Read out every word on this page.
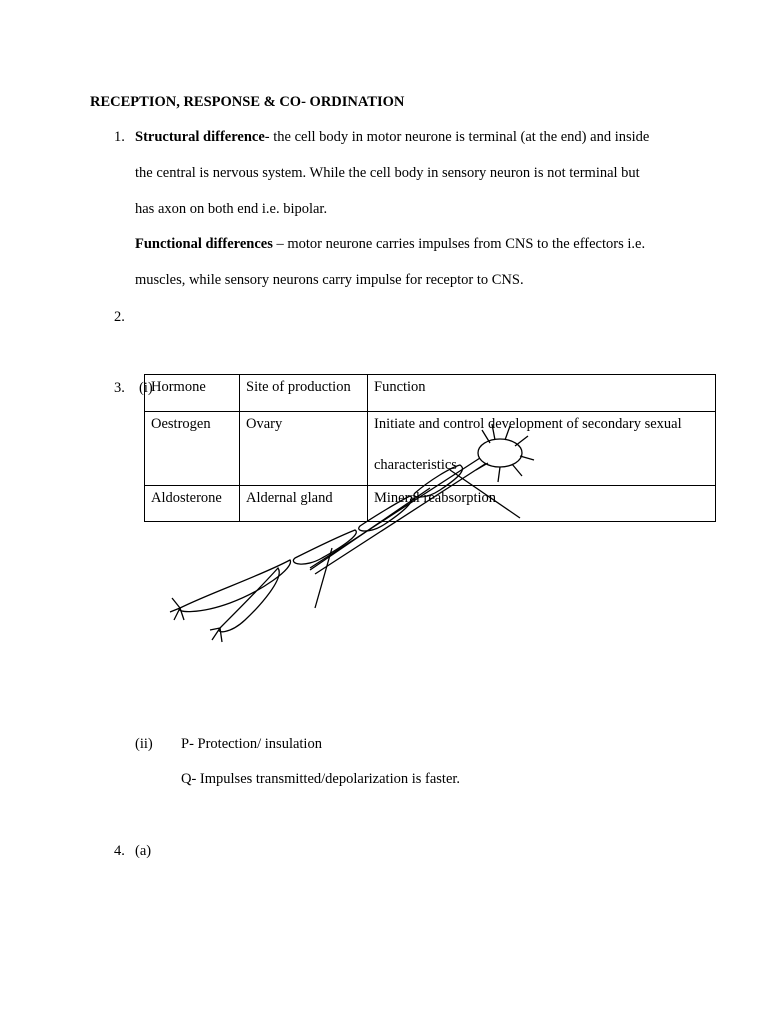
RECEPTION, RESPONSE & CO- ORDINATION
1. Structural difference- the cell body in motor neurone is terminal (at the end) and inside
the central is nervous system. While the cell body in sensory neuron is not terminal but
has axon on both end i.e. bipolar.
Functional differences – motor neurone carries impulses from CNS to the effectors i.e.
muscles, while sensory neurons carry impulse for receptor to CNS.
2.
3. (i)
Hormone	Site of production	Function
Oestrogen	Ovary	Initiate and control development of secondary sexual
characteristics

Aldosterone	Aldernal gland	Mineral reabsorption
(ii) P- Protection/ insulation
Q- Impulses transmitted/depolarization is faster.
4. (a)
